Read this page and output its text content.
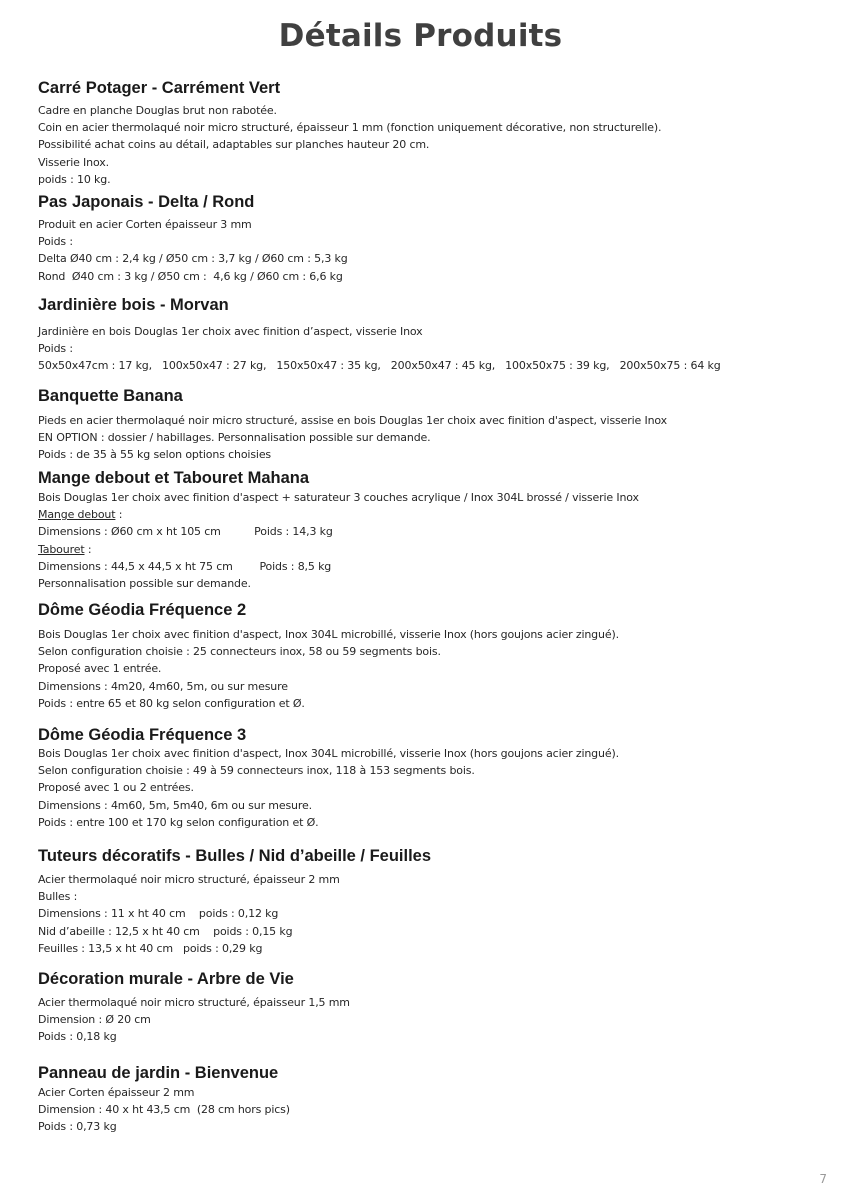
Détails Produits
Carré Potager - Carrément Vert
Cadre en planche Douglas brut non rabotée.
Coin en acier thermolaqué noir micro structuré, épaisseur 1 mm (fonction uniquement décorative, non structurelle).
Possibilité achat coins au détail, adaptables sur planches hauteur 20 cm.
Visserie Inox.
poids : 10 kg.
Pas Japonais - Delta / Rond
Produit en acier Corten épaisseur 3 mm
Poids :
Delta Ø40 cm : 2,4 kg / Ø50 cm : 3,7 kg / Ø60 cm : 5,3 kg
Rond  Ø40 cm : 3 kg / Ø50 cm :  4,6 kg / Ø60 cm : 6,6 kg
Jardinière bois - Morvan
Jardinière en bois Douglas 1er choix avec finition d’aspect, visserie Inox
Poids :
50x50x47cm : 17 kg,   100x50x47 : 27 kg,   150x50x47 : 35 kg,   200x50x47 : 45 kg,   100x50x75 : 39 kg,   200x50x75 : 64 kg
Banquette Banana
Pieds en acier thermolaqué noir micro structuré, assise en bois Douglas 1er choix avec finition d'aspect, visserie Inox
EN OPTION : dossier / habillages. Personnalisation possible sur demande.
Poids : de 35 à 55 kg selon options choisies
Mange debout et Tabouret Mahana
Bois Douglas 1er choix avec finition d'aspect + saturateur 3 couches acrylique / Inox 304L brossé / visserie Inox
Mange debout :
Dimensions : Ø60 cm x ht 105 cm          Poids : 14,3 kg
Tabouret :
Dimensions : 44,5 x 44,5 x ht 75 cm        Poids : 8,5 kg
Personnalisation possible sur demande.
Dôme Géodia Fréquence 2
Bois Douglas 1er choix avec finition d'aspect, Inox 304L microbillé, visserie Inox (hors goujons acier zingué).
Selon configuration choisie : 25 connecteurs inox, 58 ou 59 segments bois.
Proposé avec 1 entrée.
Dimensions : 4m20, 4m60, 5m, ou sur mesure
Poids : entre 65 et 80 kg selon configuration et Ø.
Dôme Géodia Fréquence 3
Bois Douglas 1er choix avec finition d'aspect, Inox 304L microbillé, visserie Inox (hors goujons acier zingué).
Selon configuration choisie : 49 à 59 connecteurs inox, 118 à 153 segments bois.
Proposé avec 1 ou 2 entrées.
Dimensions : 4m60, 5m, 5m40, 6m ou sur mesure.
Poids : entre 100 et 170 kg selon configuration et Ø.
Tuteurs décoratifs - Bulles / Nid d’abeille / Feuilles
Acier thermolaqué noir micro structuré, épaisseur 2 mm
Bulles :
Dimensions : 11 x ht 40 cm    poids : 0,12 kg
Nid d’abeille : 12,5 x ht 40 cm    poids : 0,15 kg
Feuilles : 13,5 x ht 40 cm   poids : 0,29 kg
Décoration murale - Arbre de Vie
Acier thermolaqué noir micro structuré, épaisseur 1,5 mm
Dimension : Ø 20 cm
Poids : 0,18 kg
Panneau de jardin - Bienvenue
Acier Corten épaisseur 2 mm
Dimension : 40 x ht 43,5 cm  (28 cm hors pics)
Poids : 0,73 kg
7
